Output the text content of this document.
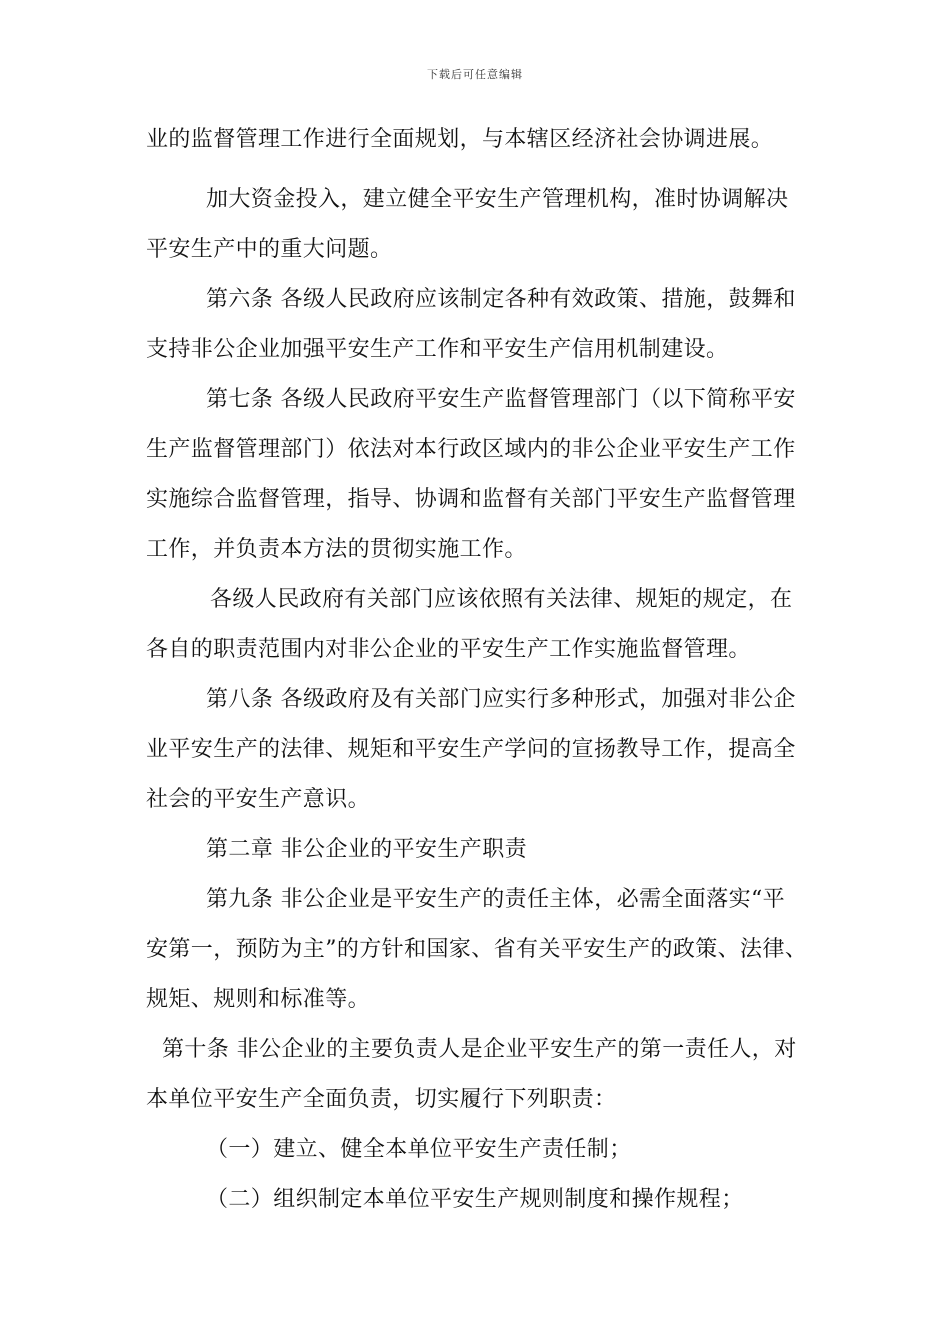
下载后可任意编辑
业的监督管理工作进行全面规划，与本辖区经济社会协调进展。
加大资金投入，建立健全平安生产管理机构，准时协调解决
平安生产中的重大问题。
第六条 各级人民政府应该制定各种有效政策、措施，鼓舞和
支持非公企业加强平安生产工作和平安生产信用机制建设。
第七条 各级人民政府平安生产监督管理部门（以下简称平安
生产监督管理部门）依法对本行政区域内的非公企业平安生产工作
实施综合监督管理，指导、协调和监督有关部门平安生产监督管理
工作，并负责本方法的贯彻实施工作。
各级人民政府有关部门应该依照有关法律、规矩的规定，在
各自的职责范围内对非公企业的平安生产工作实施监督管理。
第八条 各级政府及有关部门应实行多种形式，加强对非公企
业平安生产的法律、规矩和平安生产学问的宣扬教导工作，提高全
社会的平安生产意识。
第二章 非公企业的平安生产职责
第九条 非公企业是平安生产的责任主体，必需全面落实“平
安第一，预防为主”的方针和国家、省有关平安生产的政策、法律、
规矩、规则和标准等。
第十条 非公企业的主要负责人是企业平安生产的第一责任人，对
本单位平安生产全面负责，切实履行下列职责：
（一）建立、健全本单位平安生产责任制；
（二）组织制定本单位平安生产规则制度和操作规程；
